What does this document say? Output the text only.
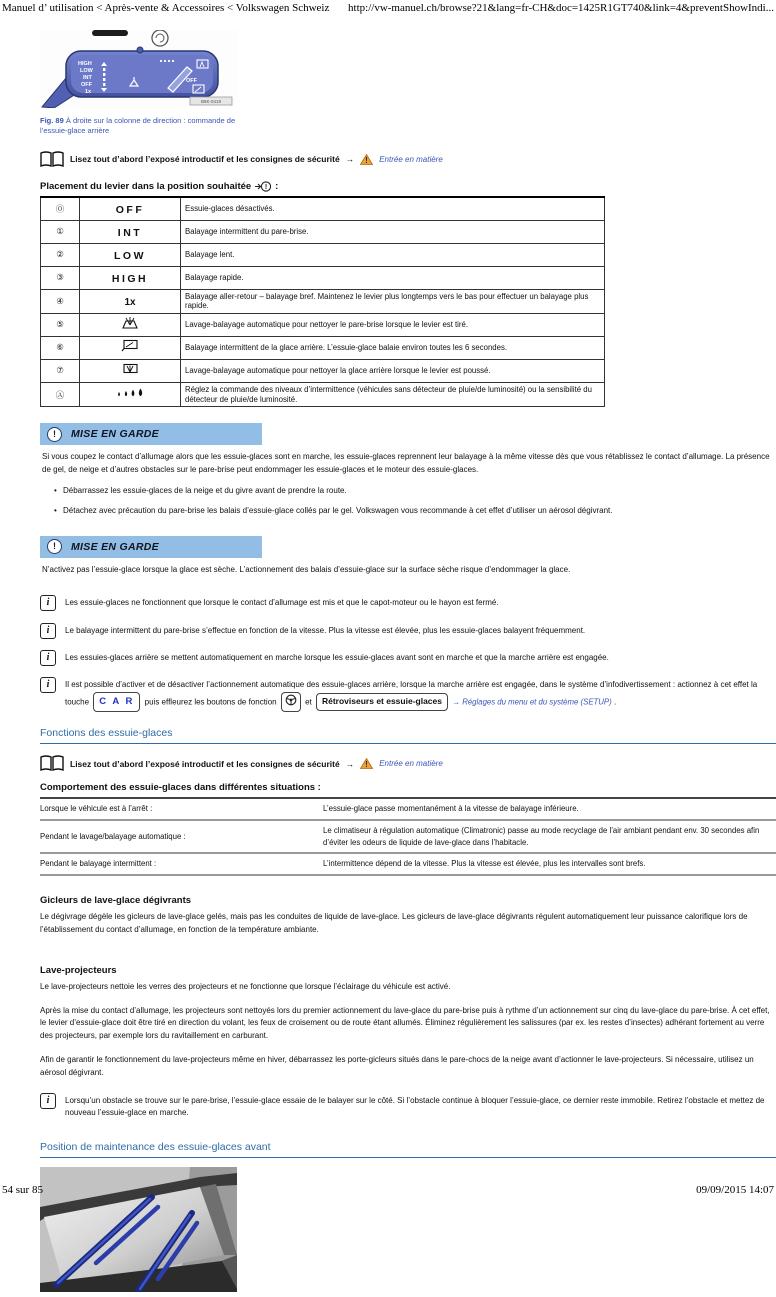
Manuel d’ utilisation < Après-vente & Accessoires < Volkswagen Schweiz http://vw-manuel.ch/browse?21&lang=fr-CH&doc=1425R1GT740&link=4&preventShowIndi...
HIGH
LOW
INT
OFF
1x
OFF
B8K-0419
Fig. 89 À droite sur la colonne de direction : commande de l’essuie-glace arrière
Lisez tout d’abord l’exposé introductif et les consignes de sécurité → ! Entrée en matière
Placement du levier dans la position souhaitée ! :
⓪	OFF	Essuie-glaces désactivés.
①	INT	Balayage intermittent du pare-brise.
②	LOW	Balayage lent.
③	HIGH	Balayage rapide.
④	1x	Balayage aller-retour – balayage bref. Maintenez le levier plus longtemps vers le bas pour effectuer un balayage plus rapide.
⑤		Lavage-balayage automatique pour nettoyer le pare-brise lorsque le levier est tiré.
⑥		Balayage intermittent de la glace arrière. L’essuie-glace balaie environ toutes les 6 secondes.
⑦		Lavage-balayage automatique pour nettoyer la glace arrière lorsque le levier est poussé.
Ⓐ		Réglez la commande des niveaux d’intermittence (véhicules sans détecteur de pluie/de luminosité) ou la sensibilité du détecteur de pluie/de luminosité.
!	MISE EN GARDE

Si vous coupez le contact d’allumage alors que les essuie-glaces sont en marche, les essuie-glaces reprennent leur balayage à la même vitesse dès que vous rétablissez le contact d’allumage. La présence de gel, de neige et d’autres obstacles sur le pare-brise peut endommager les essuie-glaces et le moteur des essuie-glaces.

• Débarrassez les essuie-glaces de la neige et du givre avant de prendre la route.
• Détachez avec précaution du pare-brise les balais d’essuie-glace collés par le gel. Volkswagen vous recommande à cet effet d’utiliser un aérosol dégivrant.
!	MISE EN GARDE

N’activez pas l’essuie-glace lorsque la glace est sèche. L’actionnement des balais d’essuie-glace sur la surface sèche risque d’endommager la glace.

i	Les essuie-glaces ne fonctionnent que lorsque le contact d’allumage est mis et que le capot-moteur ou le hayon est fermé.
i	Le balayage intermittent du pare-brise s’effectue en fonction de la vitesse. Plus la vitesse est élevée, plus les essuie-glaces balayent fréquemment.
i	Les essuies-glaces arrière se mettent automatiquement en marche lorsque les essuie-glaces avant sont en marche et que la marche arrière est engagée.
i	Il est possible d’activer et de désactiver l’actionnement automatique des essuie-glaces arrière, lorsque la marche arrière est engagée, dans le système d’infodivertissement : actionnez à cet effet la touche C A R puis effleurez les boutons de fonction	et Rétroviseurs et essuie-glaces → Réglages du menu et du système (SETUP) .
Fonctions des essuie-glaces
Lisez tout d’abord l’exposé introductif et les consignes de sécurité → ! Entrée en matière
Comportement des essuie-glaces dans différentes situations :
Lorsque le véhicule est à l’arrêt :	L’essuie-glace passe momentanément à la vitesse de balayage inférieure.
Pendant le lavage/balayage automatique :	Le climatiseur à régulation automatique (Climatronic) passe au mode recyclage de l’air ambiant pendant env. 30 secondes afin d’éviter les odeurs de liquide de lave-glace dans l’habitacle.
Pendant le balayage intermittent :	L’intermittence dépend de la vitesse. Plus la vitesse est élevée, plus les intervalles sont brefs.
Gicleurs de lave-glace dégivrants

Le dégivrage dégèle les gicleurs de lave-glace gelés, mais pas les conduites de liquide de lave-glace. Les gicleurs de lave-glace dégivrants régulent automatiquement leur puissance calorifique lors de l’établissement du contact d’allumage, en fonction de la température ambiante.

Lave-projecteurs

Le lave-projecteurs nettoie les verres des projecteurs et ne fonctionne que lorsque l’éclairage du véhicule est activé.

Après la mise du contact d’allumage, les projecteurs sont nettoyés lors du premier actionnement du lave-glace du pare-brise puis à rythme d’un actionnement sur cinq du lave-glace du pare-brise. À cet effet, le levier d’essuie-glace doit être tiré en direction du volant, les feux de croisement ou de route étant allumés. Éliminez régulièrement les salissures (par ex. les restes d’insectes) adhérant fortement au verre des projecteurs, par exemple lors du ravitaillement en carburant.

Afin de garantir le fonctionnement du lave-projecteurs même en hiver, débarrassez les porte-gicleurs situés dans le pare-chocs de la neige avant d’actionner le lave-projecteurs. Si nécessaire, utilisez un aérosol dégivrant.

i	Lorsqu’un obstacle se trouve sur le pare-brise, l’essuie-glace essaie de le balayer sur le côté. Si l’obstacle continue à bloquer l’essuie-glace, ce dernier reste immobile. Retirez l’obstacle et mettez de nouveau l’essuie-glace en marche.
Position de maintenance des essuie-glaces avant
54 sur 85	09/09/2015 14:07
